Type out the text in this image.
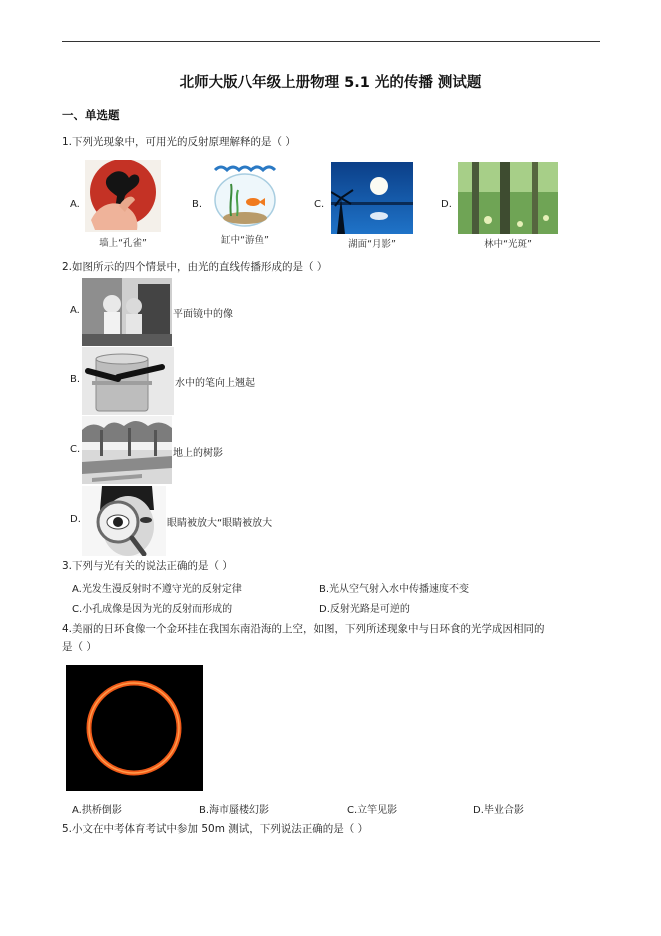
北师大版八年级上册物理 5.1 光的传播 测试题
一、单选题
1.下列光现象中，可用光的反射原理解释的是（ ）
A.
墙上“孔雀”
B.
缸中“游鱼”
C.
湖面“月影”
D.
林中“光斑”
2.如图所示的四个情景中，由光的直线传播形成的是（ ）
A.	平面镜中的像
B.	水中的笔向上翘起
C.	地上的树影
D.	眼睛被放大“眼睛被放大
3.下列与光有关的说法正确的是（ ）
A.光发生漫反射时不遵守光的反射定律	B.光从空气射入水中传播速度不变
C.小孔成像是因为光的反射而形成的	D.反射光路是可逆的
4.美丽的日环食像一个金环挂在我国东南沿海的上空，如图，下列所述现象中与日环食的光学成因相同的
是（ ）
A.拱桥倒影	B.海市蜃楼幻影	C.立竿见影	D.毕业合影
5.小文在中考体育考试中参加 50m 测试，下列说法正确的是（ ）
